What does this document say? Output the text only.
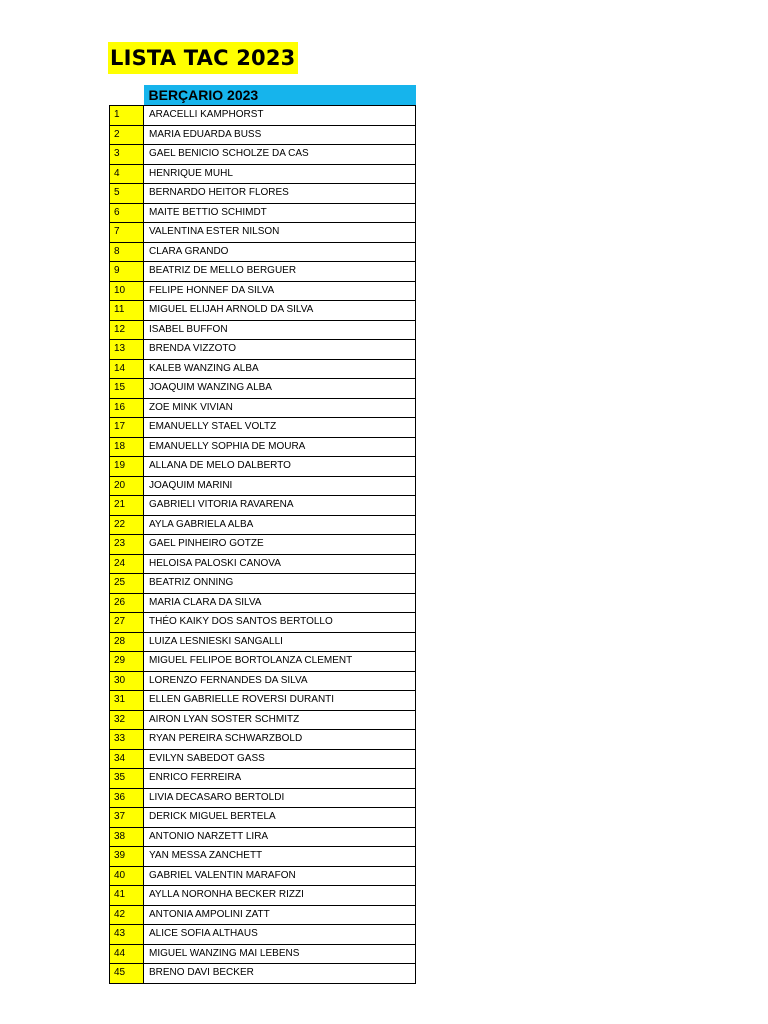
LISTA TAC 2023
	BERÇARIO 2023
1	ARACELLI KAMPHORST
2	MARIA EDUARDA BUSS
3	GAEL BENICIO SCHOLZE DA CAS
4	HENRIQUE MUHL
5	BERNARDO HEITOR FLORES
6	MAITE BETTIO SCHIMDT
7	VALENTINA ESTER NILSON
8	CLARA GRANDO
9	BEATRIZ DE MELLO BERGUER
10	FELIPE HONNEF DA SILVA
11	MIGUEL ELIJAH ARNOLD DA SILVA
12	ISABEL BUFFON
13	BRENDA VIZZOTO
14	KALEB WANZING ALBA
15	JOAQUIM WANZING ALBA
16	ZOE MINK VIVIAN
17	EMANUELLY STAEL VOLTZ
18	EMANUELLY SOPHIA DE MOURA
19	ALLANA DE MELO DALBERTO
20	JOAQUIM MARINI
21	GABRIELI VITORIA RAVARENA
22	AYLA GABRIELA ALBA
23	GAEL PINHEIRO GOTZE
24	HELOISA PALOSKI CANOVA
25	BEATRIZ ONNING
26	MARIA CLARA DA SILVA
27	THÉO KAIKY DOS SANTOS BERTOLLO
28	LUIZA LESNIESKI SANGALLI
29	MIGUEL FELIPOE BORTOLANZA CLEMENT
30	LORENZO FERNANDES DA SILVA
31	ELLEN GABRIELLE ROVERSI DURANTI
32	AIRON LYAN SOSTER SCHMITZ
33	RYAN PEREIRA SCHWARZBOLD
34	EVILYN SABEDOT GASS
35	ENRICO FERREIRA
36	LIVIA DECASARO BERTOLDI
37	DERICK MIGUEL BERTELA
38	ANTONIO NARZETT LIRA
39	YAN MESSA ZANCHETT
40	GABRIEL VALENTIN MARAFON
41	AYLLA NORONHA BECKER RIZZI
42	ANTONIA AMPOLINI ZATT
43	ALICE SOFIA ALTHAUS
44	MIGUEL WANZING MAI LEBENS
45	BRENO DAVI BECKER
